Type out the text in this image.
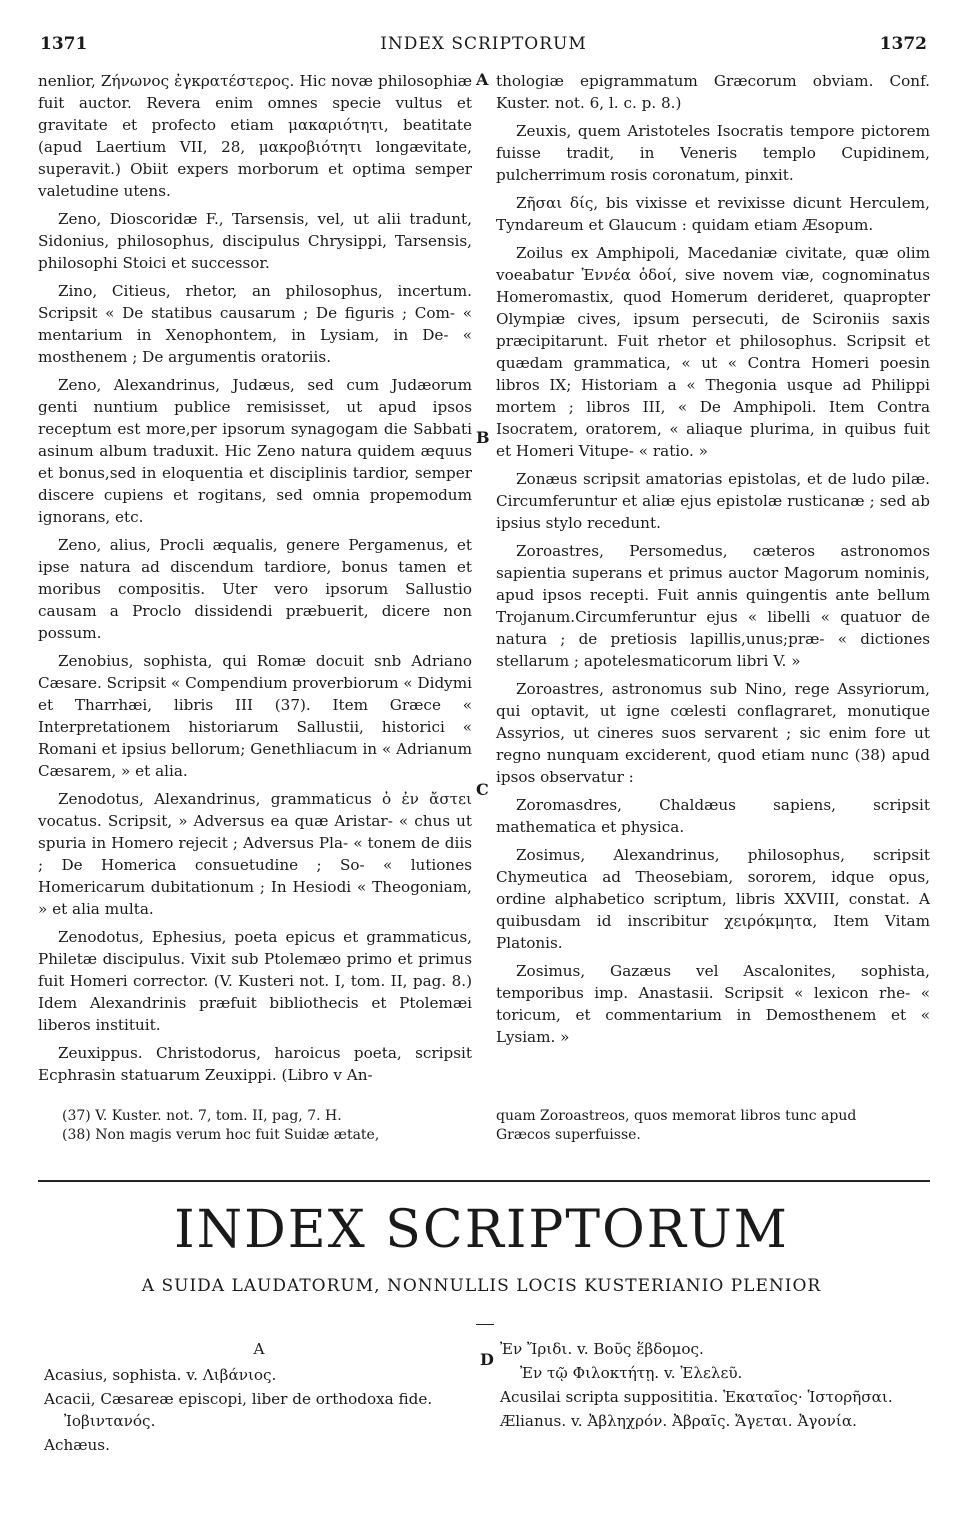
1371	INDEX SCRIPTORUM	1372
A
B
C

nenlior, Ζήνωνος ἐγκρατέστερος. Hic novæ philosophiæ fuit auctor. Revera enim omnes specie vultus et gravitate et profecto etiam μακαριότητι, beatitate (apud Laertium VII, 28, μακροβιότητι longævitate, superavit.) Obiit expers morborum et optima semper valetudine utens.

Zeno, Dioscoridæ F., Tarsensis, vel, ut alii tradunt, Sidonius, philosophus, discipulus Chrysippi, Tarsensis, philosophi Stoici et successor.

Zino, Citieus, rhetor, an philosophus, incertum. Scripsit « De statibus causarum ; De figuris ; Com- « mentarium in Xenophontem, in Lysiam, in De- « mosthenem ; De argumentis oratoriis.

Zeno, Alexandrinus, Judæus, sed cum Judæorum genti nuntium publice remisisset, ut apud ipsos receptum est more,per ipsorum synagogam die Sabbati asinum album traduxit. Hic Zeno natura quidem æquus et bonus,sed in eloquentia et disciplinis tardior, semper discere cupiens et rogitans, sed omnia propemodum ignorans, etc.

Zeno, alius, Procli æqualis, genere Pergamenus, et ipse natura ad discendum tardiore, bonus tamen et moribus compositis. Uter vero ipsorum Sallustio causam a Proclo dissidendi præbuerit, dicere non possum.

Zenobius, sophista, qui Romæ docuit snb Adriano Cæsare. Scripsit « Compendium proverbiorum « Didymi et Tharrhæi, libris III (37). Item Græce « Interpretationem historiarum Sallustii, historici « Romani et ipsius bellorum; Genethliacum in « Adrianum Cæsarem, » et alia.

Zenodotus, Alexandrinus, grammaticus ὁ ἐν ἄστει vocatus. Scripsit, » Adversus ea quæ Aristar- « chus ut spuria in Homero rejecit ; Adversus Pla- « tonem de diis ; De Homerica consuetudine ; So- « lutiones Homericarum dubitationum ; In Hesiodi « Theogoniam, » et alia multa.

Zenodotus, Ephesius, poeta epicus et grammaticus, Philetæ discipulus. Vixit sub Ptolemæo primo et primus fuit Homeri corrector. (V. Kusteri not. I, tom. II, pag. 8.) Idem Alexandrinis præfuit bibliothecis et Ptolemæi liberos instituit.

Zeuxippus. Christodorus, haroicus poeta, scripsit Ecphrasin statuarum Zeuxippi. (Libro v An-

thologiæ epigrammatum Græcorum obviam. Conf. Kuster. not. 6, l. c. p. 8.)

Zeuxis, quem Aristoteles Isocratis tempore pictorem fuisse tradit, in Veneris templo Cupidinem, pulcherrimum rosis coronatum, pinxit.

Ζῆσαι δίς, bis vixisse et revixisse dicunt Herculem, Tyndareum et Glaucum : quidam etiam Æsopum.

Zoilus ex Amphipoli, Macedaniæ civitate, quæ olim voeabatur Ἐννέα ὁδοί, sive novem viæ, cognominatus Homeromastix, quod Homerum derideret, quapropter Olympiæ cives, ipsum persecuti, de Scironiis saxis præcipitarunt. Fuit rhetor et philosophus. Scripsit et quædam grammatica, « ut « Contra Homeri poesin libros IX; Historiam a « Thegonia usque ad Philippi mortem ; libros III, « De Amphipoli. Item Contra Isocratem, oratorem, « aliaque plurima, in quibus fuit et Homeri Vitupe- « ratio. »

Zonæus scripsit amatorias epistolas, et de ludo pilæ. Circumferuntur et aliæ ejus epistolæ rusticanæ ; sed ab ipsius stylo recedunt.

Zoroastres, Persomedus, cæteros astronomos sapientia superans et primus auctor Magorum nominis, apud ipsos recepti. Fuit annis quingentis ante bellum Trojanum.Circumferuntur ejus « libelli « quatuor de natura ; de pretiosis lapillis,unus;præ- « dictiones stellarum ; apotelesmaticorum libri V. »

Zoroastres, astronomus sub Nino, rege Assyriorum, qui optavit, ut igne cœlesti conflagraret, monutique Assyrios, ut cineres suos servarent ; sic enim fore ut regno nunquam exciderent, quod etiam nunc (38) apud ipsos observatur :

Zoromasdres, Chaldæus sapiens, scripsit mathematica et physica.

Zosimus, Alexandrinus, philosophus, scripsit Chymeutica ad Theosebiam, sororem, idque opus, ordine alphabetico scriptum, libris XXVIII, constat. A quibusdam id inscribitur χειρόκμητα, Item Vitam Platonis.

Zosimus, Gazæus vel Ascalonites, sophista, temporibus imp. Anastasii. Scripsit « lexicon rhe- « toricum, et commentarium in Demosthenem et « Lysiam. »

(37) V. Kuster. not. 7, tom. II, pag, 7. H.

(38) Non magis verum hoc fuit Suidæ ætate,

quam Zoroastreos, quos memorat libros tunc apud

Græcos superfuisse.

INDEX SCRIPTORUM
A SUIDA LAUDATORUM, NONNULLIS LOCIS KUSTERIANIO PLENIOR
D
A

Acasius, sophista. v. Λιβάνιος.

Acacii, Cæsareæ episcopi, liber de orthodoxa fide. Ἰοβιντανός.

Achæus.

Ἐν Ἴριδι. v. Βοῦς ἕβδομος.

Ἐν τῷ Φιλοκτήτῃ. v. Ἐλελεῦ.

Acusilai scripta supposititia. Ἑκαταῖος· Ἱστορῆσαι.

Ælianus. v. Ἀβληχρόν. Ἀβραῖς. Ἄγεται. Ἀγονία.
